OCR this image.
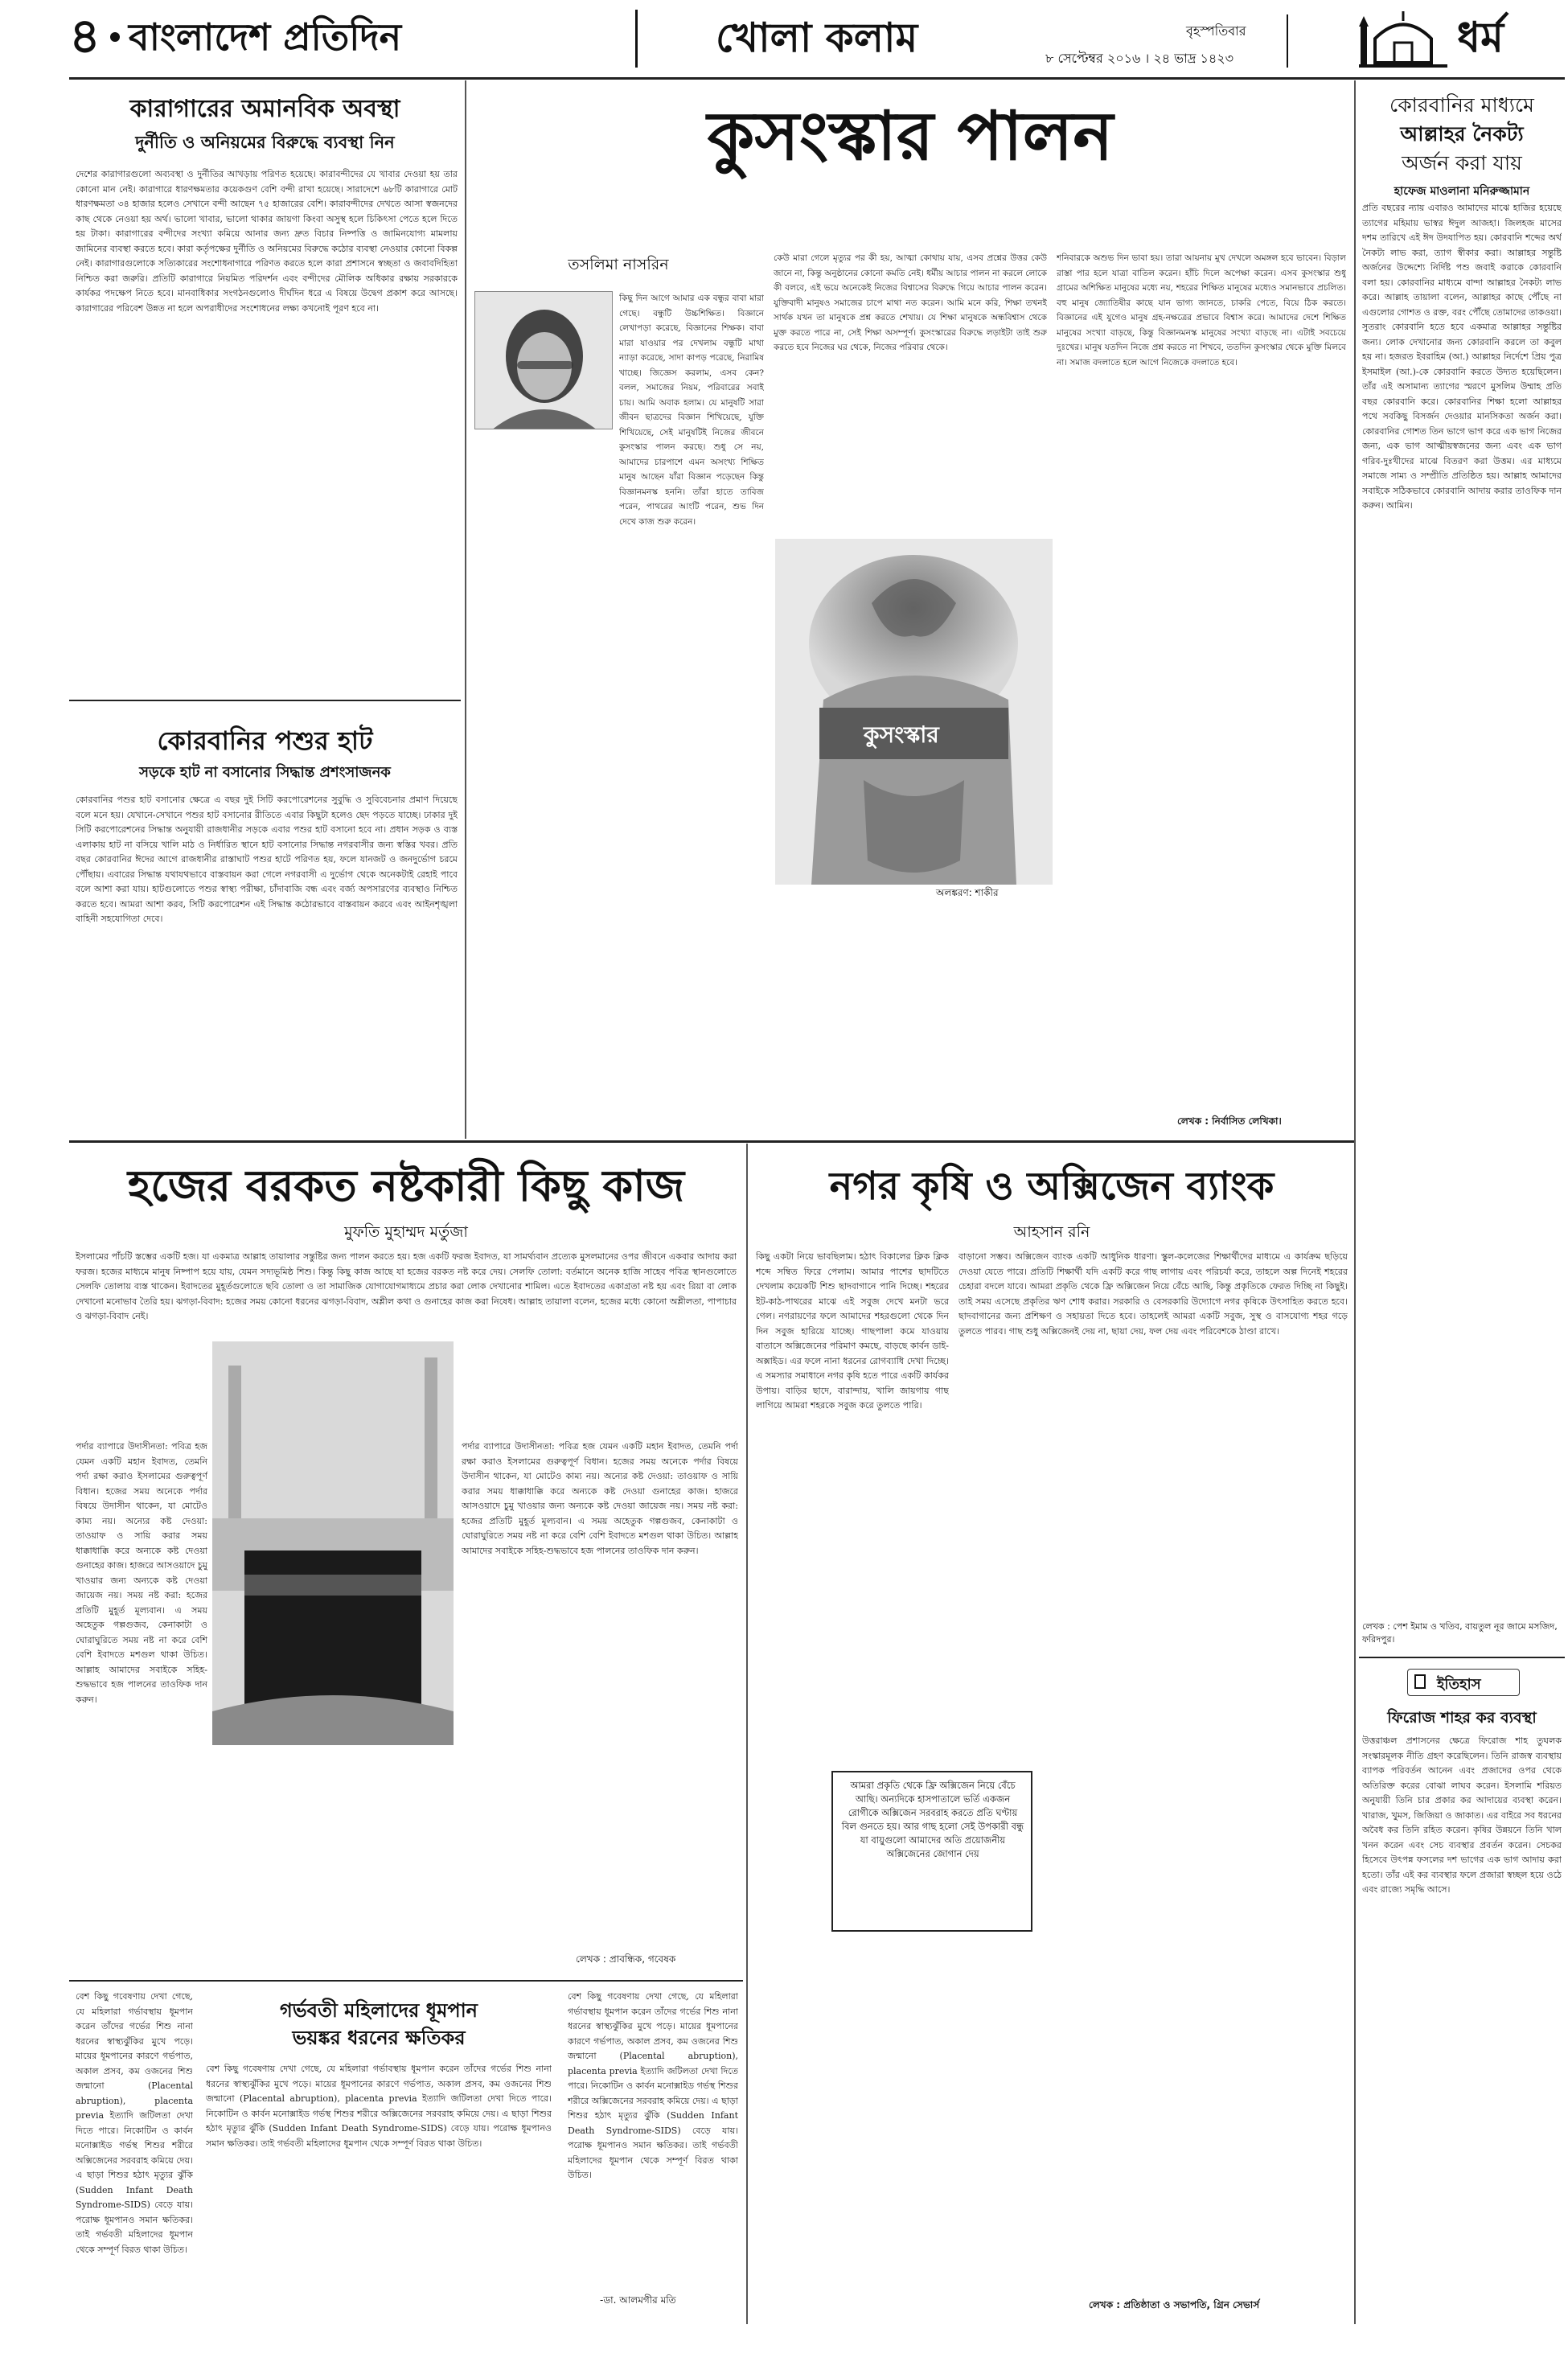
৪ বাংলাদেশ প্রতিদিন	খোলা কলাম	বৃহস্পতিবার
৮ সেপ্টেম্বর ২০১৬ । ২৪ ভাদ্র ১৪২৩	ধর্ম
কারাগারের অমানবিক অবস্থা
দুর্নীতি ও অনিয়মের বিরুদ্ধে ব্যবস্থা নিন
দেশের কারাগারগুলো অব্যবস্থা ও দুর্নীতির আখড়ায় পরিণত হয়েছে। কারাবন্দীদের যে খাবার দেওয়া হয় তার কোনো মান নেই। কারাগারে ধারণক্ষমতার কয়েকগুণ বেশি বন্দী রাখা হয়েছে। সারাদেশে ৬৮টি কারাগারে মোট ধারণক্ষমতা ৩৪ হাজার হলেও সেখানে বন্দী আছেন ৭৫ হাজারের বেশি। কারাবন্দীদের দেখতে আসা স্বজনদের কাছ থেকে নেওয়া হয় অর্থ। ভালো খাবার, ভালো থাকার জায়গা কিংবা অসুস্থ হলে চিকিৎসা পেতে হলে দিতে হয় টাকা। কারাগারের বন্দীদের সংখ্যা কমিয়ে আনার জন্য দ্রুত বিচার নিষ্পত্তি ও জামিনযোগ্য মামলায় জামিনের ব্যবস্থা করতে হবে। কারা কর্তৃপক্ষের দুর্নীতি ও অনিয়মের বিরুদ্ধে কঠোর ব্যবস্থা নেওয়ার কোনো বিকল্প নেই। কারাগারগুলোকে সত্যিকারের সংশোধনাগারে পরিণত করতে হলে কারা প্রশাসনে স্বচ্ছতা ও জবাবদিহিতা নিশ্চিত করা জরুরি। প্রতিটি কারাগারে নিয়মিত পরিদর্শন এবং বন্দীদের মৌলিক অধিকার রক্ষায় সরকারকে কার্যকর পদক্ষেপ নিতে হবে। মানবাধিকার সংগঠনগুলোও দীর্ঘদিন ধরে এ বিষয়ে উদ্বেগ প্রকাশ করে আসছে। কারাগারের পরিবেশ উন্নত না হলে অপরাধীদের সংশোধনের লক্ষ্য কখনোই পূরণ হবে না।
কোরবানির পশুর হাট
সড়কে হাট না বসানোর সিদ্ধান্ত প্রশংসাজনক
কোরবানির পশুর হাট বসানোর ক্ষেত্রে এ বছর দুই সিটি করপোরেশনের সুবুদ্ধি ও সুবিবেচনার প্রমাণ দিয়েছে বলে মনে হয়। যেখানে-সেখানে পশুর হাট বসানোর রীতিতে এবার কিছুটা হলেও ছেদ পড়তে যাচ্ছে। ঢাকার দুই সিটি করপোরেশনের সিদ্ধান্ত অনুযায়ী রাজধানীর সড়কে এবার পশুর হাট বসানো হবে না। প্রধান সড়ক ও ব্যস্ত এলাকায় হাট না বসিয়ে খালি মাঠ ও নির্ধারিত স্থানে হাট বসানোর সিদ্ধান্ত নগরবাসীর জন্য স্বস্তির খবর। প্রতি বছর কোরবানির ঈদের আগে রাজধানীর রাস্তাঘাট পশুর হাটে পরিণত হয়, ফলে যানজট ও জনদুর্ভোগ চরমে পৌঁছায়। এবারের সিদ্ধান্ত যথাযথভাবে বাস্তবায়ন করা গেলে নগরবাসী এ দুর্ভোগ থেকে অনেকটাই রেহাই পাবে বলে আশা করা যায়। হাটগুলোতে পশুর স্বাস্থ্য পরীক্ষা, চাঁদাবাজি বন্ধ এবং বর্জ্য অপসারণের ব্যবস্থাও নিশ্চিত করতে হবে। আমরা আশা করব, সিটি করপোরেশন এই সিদ্ধান্ত কঠোরভাবে বাস্তবায়ন করবে এবং আইনশৃঙ্খলা বাহিনী সহযোগিতা দেবে।
কুসংস্কার পালন
তসলিমা নাসরিন
কিছু দিন আগে আমার এক বন্ধুর বাবা মারা গেছে। বন্ধুটি উচ্চশিক্ষিত। বিজ্ঞানে লেখাপড়া করেছে, বিজ্ঞানের শিক্ষক। বাবা মারা যাওয়ার পর দেখলাম বন্ধুটি মাথা ন্যাড়া করেছে, সাদা কাপড় পরেছে, নিরামিষ খাচ্ছে। জিজ্ঞেস করলাম, এসব কেন? বলল, সমাজের নিয়ম, পরিবারের সবাই চায়। আমি অবাক হলাম। যে মানুষটি সারা জীবন ছাত্রদের বিজ্ঞান শিখিয়েছে, যুক্তি শিখিয়েছে, সেই মানুষটিই নিজের জীবনে কুসংস্কার পালন করছে। শুধু সে নয়, আমাদের চারপাশে এমন অসংখ্য শিক্ষিত মানুষ আছেন যাঁরা বিজ্ঞান পড়েছেন কিন্তু বিজ্ঞানমনস্ক হননি। তাঁরা হাতে তাবিজ পরেন, পাথরের আংটি পরেন, শুভ দিন দেখে কাজ শুরু করেন।
কেউ মারা গেলে মৃত্যুর পর কী হয়, আত্মা কোথায় যায়, এসব প্রশ্নের উত্তর কেউ জানে না, কিন্তু অনুষ্ঠানের কোনো কমতি নেই। ধর্মীয় আচার পালন না করলে লোকে কী বলবে, এই ভয়ে অনেকেই নিজের বিশ্বাসের বিরুদ্ধে গিয়ে আচার পালন করেন। যুক্তিবাদী মানুষও সমাজের চাপে মাথা নত করেন। আমি মনে করি, শিক্ষা তখনই সার্থক যখন তা মানুষকে প্রশ্ন করতে শেখায়। যে শিক্ষা মানুষকে অন্ধবিশ্বাস থেকে মুক্ত করতে পারে না, সেই শিক্ষা অসম্পূর্ণ। কুসংস্কারের বিরুদ্ধে লড়াইটা তাই শুরু করতে হবে নিজের ঘর থেকে, নিজের পরিবার থেকে।
শনিবারকে অশুভ দিন ভাবা হয়। তারা আয়নায় মুখ দেখলে অমঙ্গল হবে ভাবেন। বিড়াল রাস্তা পার হলে যাত্রা বাতিল করেন। হাঁচি দিলে অপেক্ষা করেন। এসব কুসংস্কার শুধু গ্রামের অশিক্ষিত মানুষের মধ্যে নয়, শহরের শিক্ষিত মানুষের মধ্যেও সমানভাবে প্রচলিত। বহু মানুষ জ্যোতিষীর কাছে যান ভাগ্য জানতে, চাকরি পেতে, বিয়ে ঠিক করতে। বিজ্ঞানের এই যুগেও মানুষ গ্রহ-নক্ষত্রের প্রভাবে বিশ্বাস করে। আমাদের দেশে শিক্ষিত মানুষের সংখ্যা বাড়ছে, কিন্তু বিজ্ঞানমনস্ক মানুষের সংখ্যা বাড়ছে না। এটাই সবচেয়ে দুঃখের। মানুষ যতদিন নিজে প্রশ্ন করতে না শিখবে, ততদিন কুসংস্কার থেকে মুক্তি মিলবে না। সমাজ বদলাতে হলে আগে নিজেকে বদলাতে হবে।
কুসংস্কার
অলঙ্করণ: শাকীর
লেখক : নির্বাসিত লেখিকা।
কোরবানির মাধ্যমে
আল্লাহর নৈকট্য
অর্জন করা যায়
হাফেজ মাওলানা মনিরুজ্জামান
প্রতি বছরের ন্যায় এবারও আমাদের মাঝে হাজির হয়েছে ত্যাগের মহিমায় ভাস্বর ঈদুল আজহা। জিলহজ মাসের দশম তারিখে এই ঈদ উদযাপিত হয়। কোরবানি শব্দের অর্থ নৈকট্য লাভ করা, ত্যাগ স্বীকার করা। আল্লাহর সন্তুষ্টি অর্জনের উদ্দেশ্যে নির্দিষ্ট পশু জবাই করাকে কোরবানি বলা হয়। কোরবানির মাধ্যমে বান্দা আল্লাহর নৈকট্য লাভ করে। আল্লাহ তায়ালা বলেন, আল্লাহর কাছে পৌঁছে না এগুলোর গোশত ও রক্ত, বরং পৌঁছে তোমাদের তাকওয়া। সুতরাং কোরবানি হতে হবে একমাত্র আল্লাহর সন্তুষ্টির জন্য। লোক দেখানোর জন্য কোরবানি করলে তা কবুল হয় না। হজরত ইবরাহিম (আ.) আল্লাহর নির্দেশে প্রিয় পুত্র ইসমাইল (আ.)-কে কোরবানি করতে উদ্যত হয়েছিলেন। তাঁর এই অসামান্য ত্যাগের স্মরণে মুসলিম উম্মাহ প্রতি বছর কোরবানি করে। কোরবানির শিক্ষা হলো আল্লাহর পথে সবকিছু বিসর্জন দেওয়ার মানসিকতা অর্জন করা। কোরবানির গোশত তিন ভাগে ভাগ করে এক ভাগ নিজের জন্য, এক ভাগ আত্মীয়স্বজনের জন্য এবং এক ভাগ গরিব-দুঃখীদের মাঝে বিতরণ করা উত্তম। এর মাধ্যমে সমাজে সাম্য ও সম্প্রীতি প্রতিষ্ঠিত হয়। আল্লাহ আমাদের সবাইকে সঠিকভাবে কোরবানি আদায় করার তাওফিক দান করুন। আমিন।
লেখক : পেশ ইমাম ও খতিব, বায়তুল নূর জামে মসজিদ, ফরিদপুর।
ইতিহাস
ফিরোজ শাহর কর ব্যবস্থা
উত্তরাঞ্চল প্রশাসনের ক্ষেত্রে ফিরোজ শাহ তুঘলক সংস্কারমূলক নীতি গ্রহণ করেছিলেন। তিনি রাজস্ব ব্যবস্থায় ব্যাপক পরিবর্তন আনেন এবং প্রজাদের ওপর থেকে অতিরিক্ত করের বোঝা লাঘব করেন। ইসলামি শরিয়ত অনুযায়ী তিনি চার প্রকার কর আদায়ের ব্যবস্থা করেন। খারাজ, খুমস, জিজিয়া ও জাকাত। এর বাইরে সব ধরনের অবৈধ কর তিনি রহিত করেন। কৃষির উন্নয়নে তিনি খাল খনন করেন এবং সেচ ব্যবস্থার প্রবর্তন করেন। সেচকর হিসেবে উৎপন্ন ফসলের দশ ভাগের এক ভাগ আদায় করা হতো। তাঁর এই কর ব্যবস্থার ফলে প্রজারা স্বচ্ছল হয়ে ওঠে এবং রাজ্যে সমৃদ্ধি আসে।
হজের বরকত নষ্টকারী কিছু কাজ
মুফতি মুহাম্মদ মর্তুজা
ইসলামের পাঁচটি স্তম্ভের একটি হজ। যা একমাত্র আল্লাহ তায়ালার সন্তুষ্টির জন্য পালন করতে হয়। হজ একটি ফরজ ইবাদত, যা সামর্থ্যবান প্রত্যেক মুসলমানের ওপর জীবনে একবার আদায় করা ফরজ। হজের মাধ্যমে মানুষ নিষ্পাপ হয়ে যায়, যেমন সদ্যভূমিষ্ঠ শিশু। কিন্তু কিছু কাজ আছে যা হজের বরকত নষ্ট করে দেয়। সেলফি তোলা: বর্তমানে অনেক হাজি সাহেব পবিত্র স্থানগুলোতে সেলফি তোলায় ব্যস্ত থাকেন। ইবাদতের মুহূর্তগুলোতে ছবি তোলা ও তা সামাজিক যোগাযোগমাধ্যমে প্রচার করা লোক দেখানোর শামিল। এতে ইবাদতের একাগ্রতা নষ্ট হয় এবং রিয়া বা লোক দেখানো মনোভাব তৈরি হয়। ঝগড়া-বিবাদ: হজের সময় কোনো ধরনের ঝগড়া-বিবাদ, অশ্লীল কথা ও গুনাহের কাজ করা নিষেধ। আল্লাহ তায়ালা বলেন, হজের মধ্যে কোনো অশ্লীলতা, পাপাচার ও ঝগড়া-বিবাদ নেই।
পর্দার ব্যাপারে উদাসীনতা: পবিত্র হজ যেমন একটি মহান ইবাদত, তেমনি পর্দা রক্ষা করাও ইসলামের গুরুত্বপূর্ণ বিধান। হজের সময় অনেকে পর্দার বিষয়ে উদাসীন থাকেন, যা মোটেও কাম্য নয়। অন্যের কষ্ট দেওয়া: তাওয়াফ ও সায়ি করার সময় ধাক্কাধাক্কি করে অন্যকে কষ্ট দেওয়া গুনাহের কাজ। হাজরে আসওয়াদে চুমু খাওয়ার জন্য অন্যকে কষ্ট দেওয়া জায়েজ নয়। সময় নষ্ট করা: হজের প্রতিটি মুহূর্ত মূল্যবান। এ সময় অহেতুক গল্পগুজব, কেনাকাটা ও ঘোরাঘুরিতে সময় নষ্ট না করে বেশি বেশি ইবাদতে মশগুল থাকা উচিত। আল্লাহ আমাদের সবাইকে সহিহ-শুদ্ধভাবে হজ পালনের তাওফিক দান করুন।
পর্দার ব্যাপারে উদাসীনতা: পবিত্র হজ যেমন একটি মহান ইবাদত, তেমনি পর্দা রক্ষা করাও ইসলামের গুরুত্বপূর্ণ বিধান। হজের সময় অনেকে পর্দার বিষয়ে উদাসীন থাকেন, যা মোটেও কাম্য নয়। অন্যের কষ্ট দেওয়া: তাওয়াফ ও সায়ি করার সময় ধাক্কাধাক্কি করে অন্যকে কষ্ট দেওয়া গুনাহের কাজ। হাজরে আসওয়াদে চুমু খাওয়ার জন্য অন্যকে কষ্ট দেওয়া জায়েজ নয়। সময় নষ্ট করা: হজের প্রতিটি মুহূর্ত মূল্যবান। এ সময় অহেতুক গল্পগুজব, কেনাকাটা ও ঘোরাঘুরিতে সময় নষ্ট না করে বেশি বেশি ইবাদতে মশগুল থাকা উচিত। আল্লাহ আমাদের সবাইকে সহিহ-শুদ্ধভাবে হজ পালনের তাওফিক দান করুন।
লেখক : প্রাবন্ধিক, গবেষক
গর্ভবতী মহিলাদের ধূমপান
ভয়ঙ্কর ধরনের ক্ষতিকর
বেশ কিছু গবেষণায় দেখা গেছে, যে মহিলারা গর্ভাবস্থায় ধূমপান করেন তাঁদের গর্ভের শিশু নানা ধরনের স্বাস্থ্যঝুঁকির মুখে পড়ে। মায়ের ধূমপানের কারণে গর্ভপাত, অকাল প্রসব, কম ওজনের শিশু জন্মানো (Placental abruption), placenta previa ইত্যাদি জটিলতা দেখা দিতে পারে। নিকোটিন ও কার্বন মনোক্সাইড গর্ভস্থ শিশুর শরীরে অক্সিজেনের সরবরাহ কমিয়ে দেয়। এ ছাড়া শিশুর হঠাৎ মৃত্যুর ঝুঁকি (Sudden Infant Death Syndrome-SIDS) বেড়ে যায়। পরোক্ষ ধূমপানও সমান ক্ষতিকর। তাই গর্ভবতী মহিলাদের ধূমপান থেকে সম্পূর্ণ বিরত থাকা উচিত।
বেশ কিছু গবেষণায় দেখা গেছে, যে মহিলারা গর্ভাবস্থায় ধূমপান করেন তাঁদের গর্ভের শিশু নানা ধরনের স্বাস্থ্যঝুঁকির মুখে পড়ে। মায়ের ধূমপানের কারণে গর্ভপাত, অকাল প্রসব, কম ওজনের শিশু জন্মানো (Placental abruption), placenta previa ইত্যাদি জটিলতা দেখা দিতে পারে। নিকোটিন ও কার্বন মনোক্সাইড গর্ভস্থ শিশুর শরীরে অক্সিজেনের সরবরাহ কমিয়ে দেয়। এ ছাড়া শিশুর হঠাৎ মৃত্যুর ঝুঁকি (Sudden Infant Death Syndrome-SIDS) বেড়ে যায়। পরোক্ষ ধূমপানও সমান ক্ষতিকর। তাই গর্ভবতী মহিলাদের ধূমপান থেকে সম্পূর্ণ বিরত থাকা উচিত।
বেশ কিছু গবেষণায় দেখা গেছে, যে মহিলারা গর্ভাবস্থায় ধূমপান করেন তাঁদের গর্ভের শিশু নানা ধরনের স্বাস্থ্যঝুঁকির মুখে পড়ে। মায়ের ধূমপানের কারণে গর্ভপাত, অকাল প্রসব, কম ওজনের শিশু জন্মানো (Placental abruption), placenta previa ইত্যাদি জটিলতা দেখা দিতে পারে। নিকোটিন ও কার্বন মনোক্সাইড গর্ভস্থ শিশুর শরীরে অক্সিজেনের সরবরাহ কমিয়ে দেয়। এ ছাড়া শিশুর হঠাৎ মৃত্যুর ঝুঁকি (Sudden Infant Death Syndrome-SIDS) বেড়ে যায়। পরোক্ষ ধূমপানও সমান ক্ষতিকর। তাই গর্ভবতী মহিলাদের ধূমপান থেকে সম্পূর্ণ বিরত থাকা উচিত।
-ডা. আলমগীর মতি
নগর কৃষি ও অক্সিজেন ব্যাংক
আহসান রনি
কিছু একটা নিয়ে ভাবছিলাম। হঠাৎ বিকালের ক্লিক ক্লিক শব্দে সম্বিত ফিরে পেলাম। আমার পাশের ছাদটিতে দেখলাম কয়েকটি শিশু ছাদবাগানে পানি দিচ্ছে। শহরের ইট-কাঠ-পাথরের মাঝে এই সবুজ দেখে মনটা ভরে গেল। নগরায়ণের ফলে আমাদের শহরগুলো থেকে দিন দিন সবুজ হারিয়ে যাচ্ছে। গাছপালা কমে যাওয়ায় বাতাসে অক্সিজেনের পরিমাণ কমছে, বাড়ছে কার্বন ডাই-অক্সাইড। এর ফলে নানা ধরনের রোগব্যাধি দেখা দিচ্ছে। এ সমস্যার সমাধানে নগর কৃষি হতে পারে একটি কার্যকর উপায়। বাড়ির ছাদে, বারান্দায়, খালি জায়গায় গাছ লাগিয়ে আমরা শহরকে সবুজ করে তুলতে পারি।
বাড়ানো সম্ভব। অক্সিজেন ব্যাংক একটি আধুনিক ধারণা। স্কুল-কলেজের শিক্ষার্থীদের মাধ্যমে এ কার্যক্রম ছড়িয়ে দেওয়া যেতে পারে। প্রতিটি শিক্ষার্থী যদি একটি করে গাছ লাগায় এবং পরিচর্যা করে, তাহলে অল্প দিনেই শহরের চেহারা বদলে যাবে। আমরা প্রকৃতি থেকে ফ্রি অক্সিজেন নিয়ে বেঁচে আছি, কিন্তু প্রকৃতিকে ফেরত দিচ্ছি না কিছুই। তাই সময় এসেছে প্রকৃতির ঋণ শোধ করার। সরকারি ও বেসরকারি উদ্যোগে নগর কৃষিকে উৎসাহিত করতে হবে। ছাদবাগানের জন্য প্রশিক্ষণ ও সহায়তা দিতে হবে। তাহলেই আমরা একটি সবুজ, সুস্থ ও বাসযোগ্য শহর গড়ে তুলতে পারব। গাছ শুধু অক্সিজেনই দেয় না, ছায়া দেয়, ফল দেয় এবং পরিবেশকে ঠাণ্ডা রাখে।
আমরা প্রকৃতি থেকে ফ্রি অক্সিজেন নিয়ে বেঁচে আছি। অন্যদিকে হাসপাতালে ভর্তি একজন রোগীকে অক্সিজেন সরবরাহ করতে প্রতি ঘণ্টায় বিল গুনতে হয়। আর গাছ হলো সেই উপকারী বন্ধু যা বায়ুগুলো আমাদের অতি প্রয়োজনীয় অক্সিজেনের জোগান দেয়
লেখক : প্রতিষ্ঠাতা ও সভাপতি, গ্রিন সেভার্স
